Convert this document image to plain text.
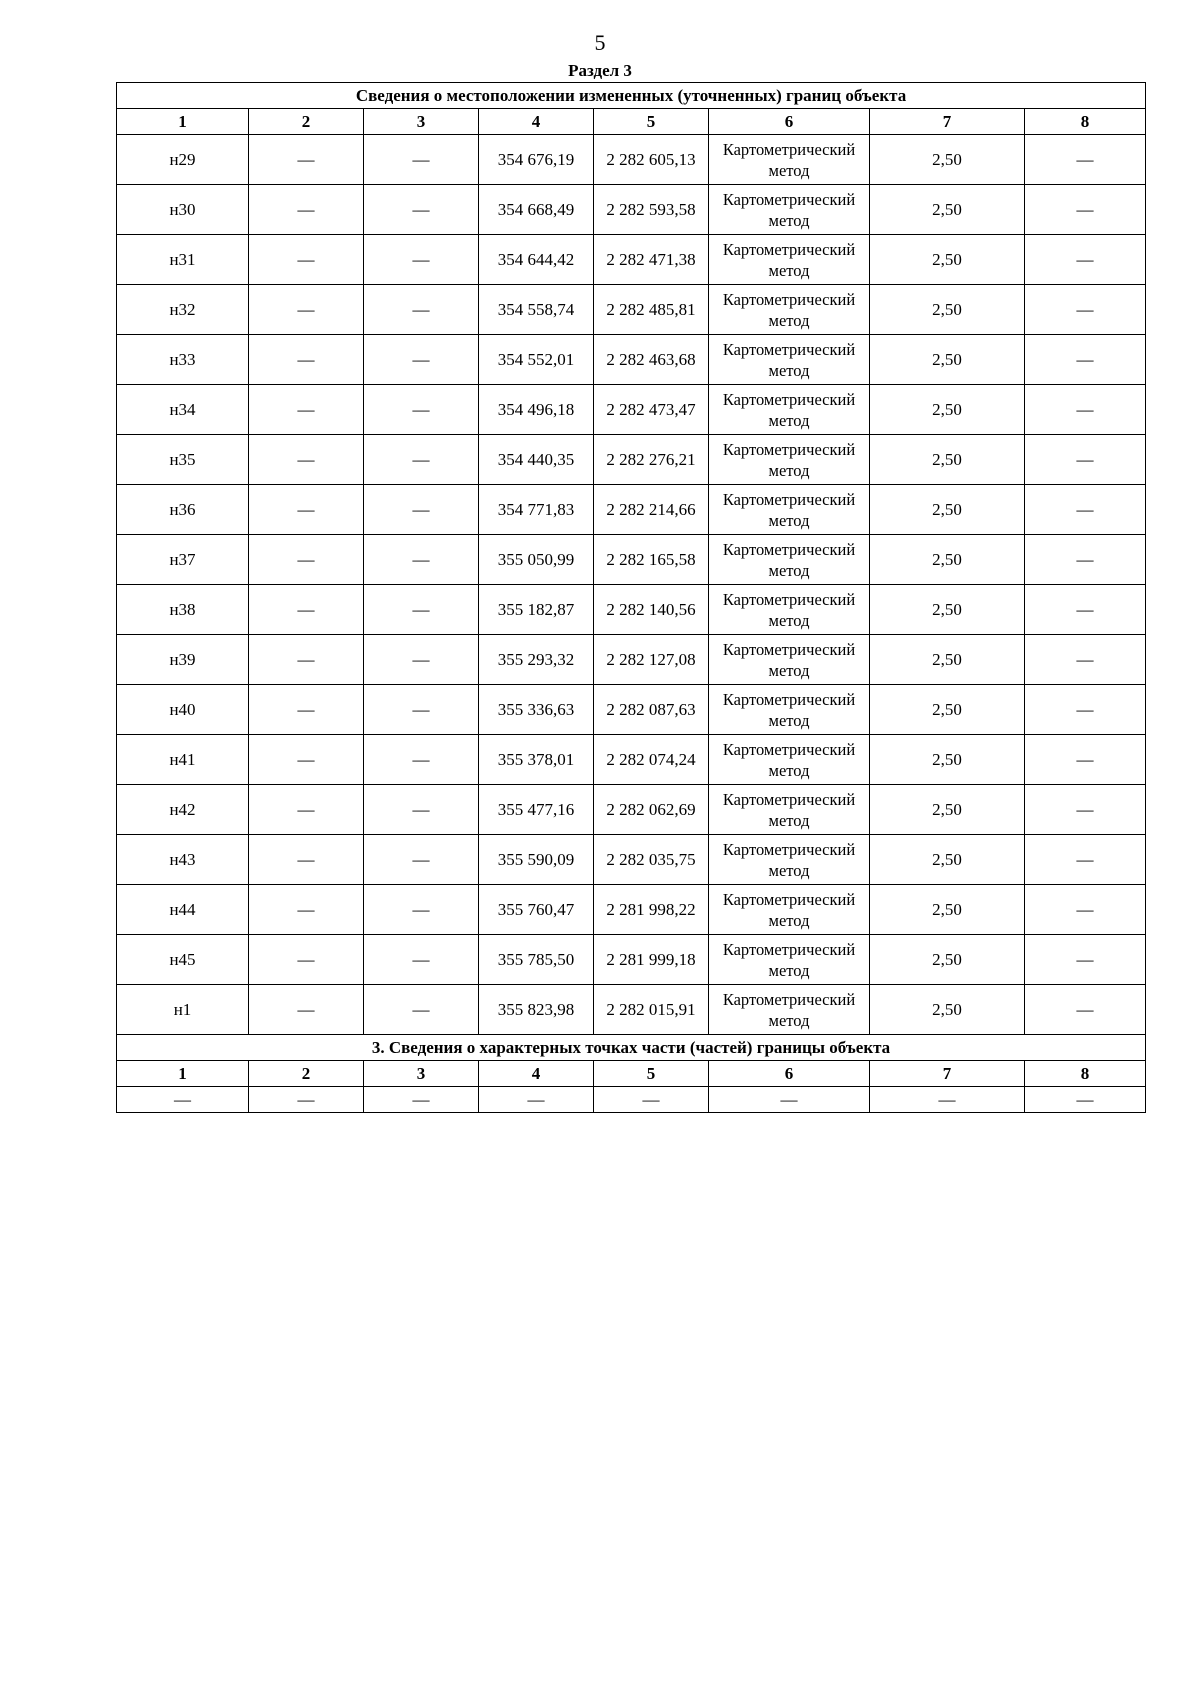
5
Раздел 3
Сведения о местоположении измененных (уточненных) границ объекта							
1	2	3	4	5	6	7	8
н29	—	—	354 676,19	2 282 605,13	Картометрический метод	2,50	—
н30	—	—	354 668,49	2 282 593,58	Картометрический метод	2,50	—
н31	—	—	354 644,42	2 282 471,38	Картометрический метод	2,50	—
н32	—	—	354 558,74	2 282 485,81	Картометрический метод	2,50	—
н33	—	—	354 552,01	2 282 463,68	Картометрический метод	2,50	—
н34	—	—	354 496,18	2 282 473,47	Картометрический метод	2,50	—
н35	—	—	354 440,35	2 282 276,21	Картометрический метод	2,50	—
н36	—	—	354 771,83	2 282 214,66	Картометрический метод	2,50	—
н37	—	—	355 050,99	2 282 165,58	Картометрический метод	2,50	—
н38	—	—	355 182,87	2 282 140,56	Картометрический метод	2,50	—
н39	—	—	355 293,32	2 282 127,08	Картометрический метод	2,50	—
н40	—	—	355 336,63	2 282 087,63	Картометрический метод	2,50	—
н41	—	—	355 378,01	2 282 074,24	Картометрический метод	2,50	—
н42	—	—	355 477,16	2 282 062,69	Картометрический метод	2,50	—
н43	—	—	355 590,09	2 282 035,75	Картометрический метод	2,50	—
н44	—	—	355 760,47	2 281 998,22	Картометрический метод	2,50	—
н45	—	—	355 785,50	2 281 999,18	Картометрический метод	2,50	—
н1	—	—	355 823,98	2 282 015,91	Картометрический метод	2,50	—
3. Сведения о характерных точках части (частей) границы объекта							
1	2	3	4	5	6	7	8
—	—	—	—	—	—	—	—
